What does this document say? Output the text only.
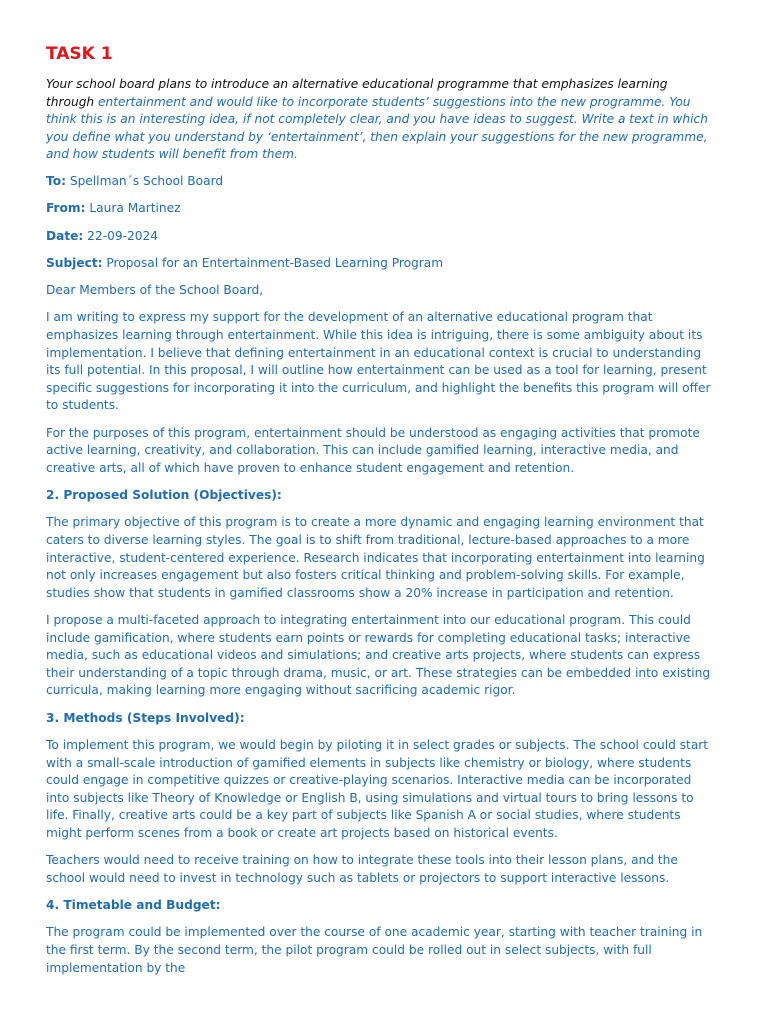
TASK 1

Your school board plans to introduce an alternative educational programme that emphasizes learning through entertainment and would like to incorporate students’ suggestions into the new programme. You think this is an interesting idea, if not completely clear, and you have ideas to suggest. Write a text in which you define what you understand by ‘entertainment’, then explain your suggestions for the new programme, and how students will benefit from them.

To: Spellman´s School Board

From: Laura Martinez

Date: 22-09-2024

Subject: Proposal for an Entertainment-Based Learning Program

Dear Members of the School Board,

I am writing to express my support for the development of an alternative educational program that emphasizes learning through entertainment. While this idea is intriguing, there is some ambiguity about its implementation. I believe that defining entertainment in an educational context is crucial to understanding its full potential. In this proposal, I will outline how entertainment can be used as a tool for learning, present specific suggestions for incorporating it into the curriculum, and highlight the benefits this program will offer to students.

For the purposes of this program, entertainment should be understood as engaging activities that promote active learning, creativity, and collaboration. This can include gamified learning, interactive media, and creative arts, all of which have proven to enhance student engagement and retention.

2. Proposed Solution (Objectives):

The primary objective of this program is to create a more dynamic and engaging learning environment that caters to diverse learning styles. The goal is to shift from traditional, lecture-based approaches to a more interactive, student-centered experience. Research indicates that incorporating entertainment into learning not only increases engagement but also fosters critical thinking and problem-solving skills. For example, studies show that students in gamified classrooms show a 20% increase in participation and retention.

I propose a multi-faceted approach to integrating entertainment into our educational program. This could include gamification, where students earn points or rewards for completing educational tasks; interactive media, such as educational videos and simulations; and creative arts projects, where students can express their understanding of a topic through drama, music, or art. These strategies can be embedded into existing curricula, making learning more engaging without sacrificing academic rigor.

3. Methods (Steps Involved):

To implement this program, we would begin by piloting it in select grades or subjects. The school could start with a small-scale introduction of gamified elements in subjects like chemistry or biology, where students could engage in competitive quizzes or creative-playing scenarios. Interactive media can be incorporated into subjects like Theory of Knowledge or English B, using simulations and virtual tours to bring lessons to life. Finally, creative arts could be a key part of subjects like Spanish A or social studies, where students might perform scenes from a book or create art projects based on historical events.

Teachers would need to receive training on how to integrate these tools into their lesson plans, and the school would need to invest in technology such as tablets or projectors to support interactive lessons.

4. Timetable and Budget:

The program could be implemented over the course of one academic year, starting with teacher training in the first term. By the second term, the pilot program could be rolled out in select subjects, with full implementation by the
